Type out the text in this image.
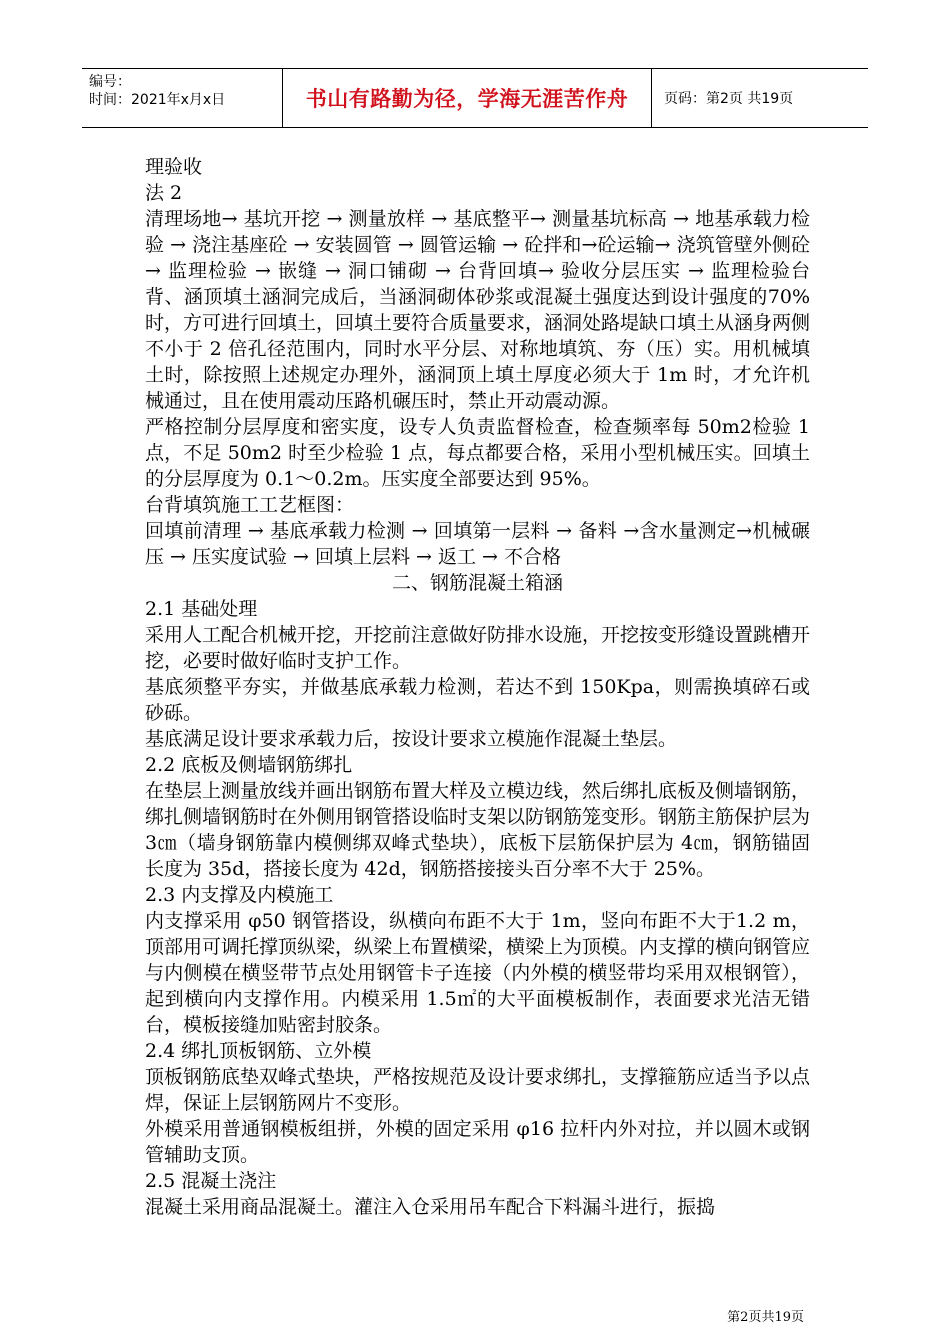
编号：
时间：2021年x月x日	书山有路勤为径，学海无涯苦作舟	页码：第2页 共19页

理验收

法 2

清理场地→ 基坑开挖 → 测量放样 → 基底整平→ 测量基坑标高 → 地基承载力检验 → 浇注基座砼 → 安装圆管 → 圆管运输 → 砼拌和→砼运输→ 浇筑管壁外侧砼 → 监理检验 → 嵌缝 → 洞口铺砌 → 台背回填→ 验收分层压实 → 监理检验台背、涵顶填土涵洞完成后，当涵洞砌体砂浆或混凝土强度达到设计强度的70%时，方可进行回填土，回填土要符合质量要求，涵洞处路堤缺口填土从涵身两侧不小于 2 倍孔径范围内，同时水平分层、对称地填筑、夯（压）实。用机械填土时，除按照上述规定办理外，涵洞顶上填土厚度必须大于 1m 时，才允许机械通过，且在使用震动压路机碾压时，禁止开动震动源。

严格控制分层厚度和密实度，设专人负责监督检查，检查频率每 50m2检验 1 点，不足 50m2 时至少检验 1 点，每点都要合格，采用小型机械压实。回填土的分层厚度为 0.1～0.2m。压实度全部要达到 95%。

台背填筑施工工艺框图：

回填前清理 → 基底承载力检测 → 回填第一层料 → 备料 →含水量测定→机械碾压 → 压实度试验 → 回填上层料 → 返工 → 不合格

二、钢筋混凝土箱涵

2.1 基础处理

采用人工配合机械开挖，开挖前注意做好防排水设施，开挖按变形缝设置跳槽开挖，必要时做好临时支护工作。

基底须整平夯实，并做基底承载力检测，若达不到 150Kpa，则需换填碎石或砂砾。

基底满足设计要求承载力后，按设计要求立模施作混凝土垫层。

2.2 底板及侧墙钢筋绑扎

在垫层上测量放线并画出钢筋布置大样及立模边线，然后绑扎底板及侧墙钢筋，绑扎侧墙钢筋时在外侧用钢管搭设临时支架以防钢筋笼变形。钢筋主筋保护层为 3㎝（墙身钢筋靠内模侧绑双峰式垫块），底板下层筋保护层为 4㎝，钢筋锚固长度为 35d，搭接长度为 42d，钢筋搭接接头百分率不大于 25%。

2.3 内支撑及内模施工

内支撑采用 φ50 钢管搭设，纵横向布距不大于 1m，竖向布距不大于1.2 m，顶部用可调托撑顶纵梁，纵梁上布置横梁，横梁上为顶模。内支撑的横向钢管应与内侧模在横竖带节点处用钢管卡子连接（内外模的横竖带均采用双根钢管），起到横向内支撑作用。内模采用 1.5㎡的大平面模板制作，表面要求光洁无错台，模板接缝加贴密封胶条。

2.4 绑扎顶板钢筋、立外模

顶板钢筋底垫双峰式垫块，严格按规范及设计要求绑扎，支撑箍筋应适当予以点焊，保证上层钢筋网片不变形。

外模采用普通钢模板组拼，外模的固定采用 φ16 拉杆内外对拉，并以圆木或钢管辅助支顶。

2.5 混凝土浇注

混凝土采用商品混凝土。灌注入仓采用吊车配合下料漏斗进行，振捣

第2页共19页
